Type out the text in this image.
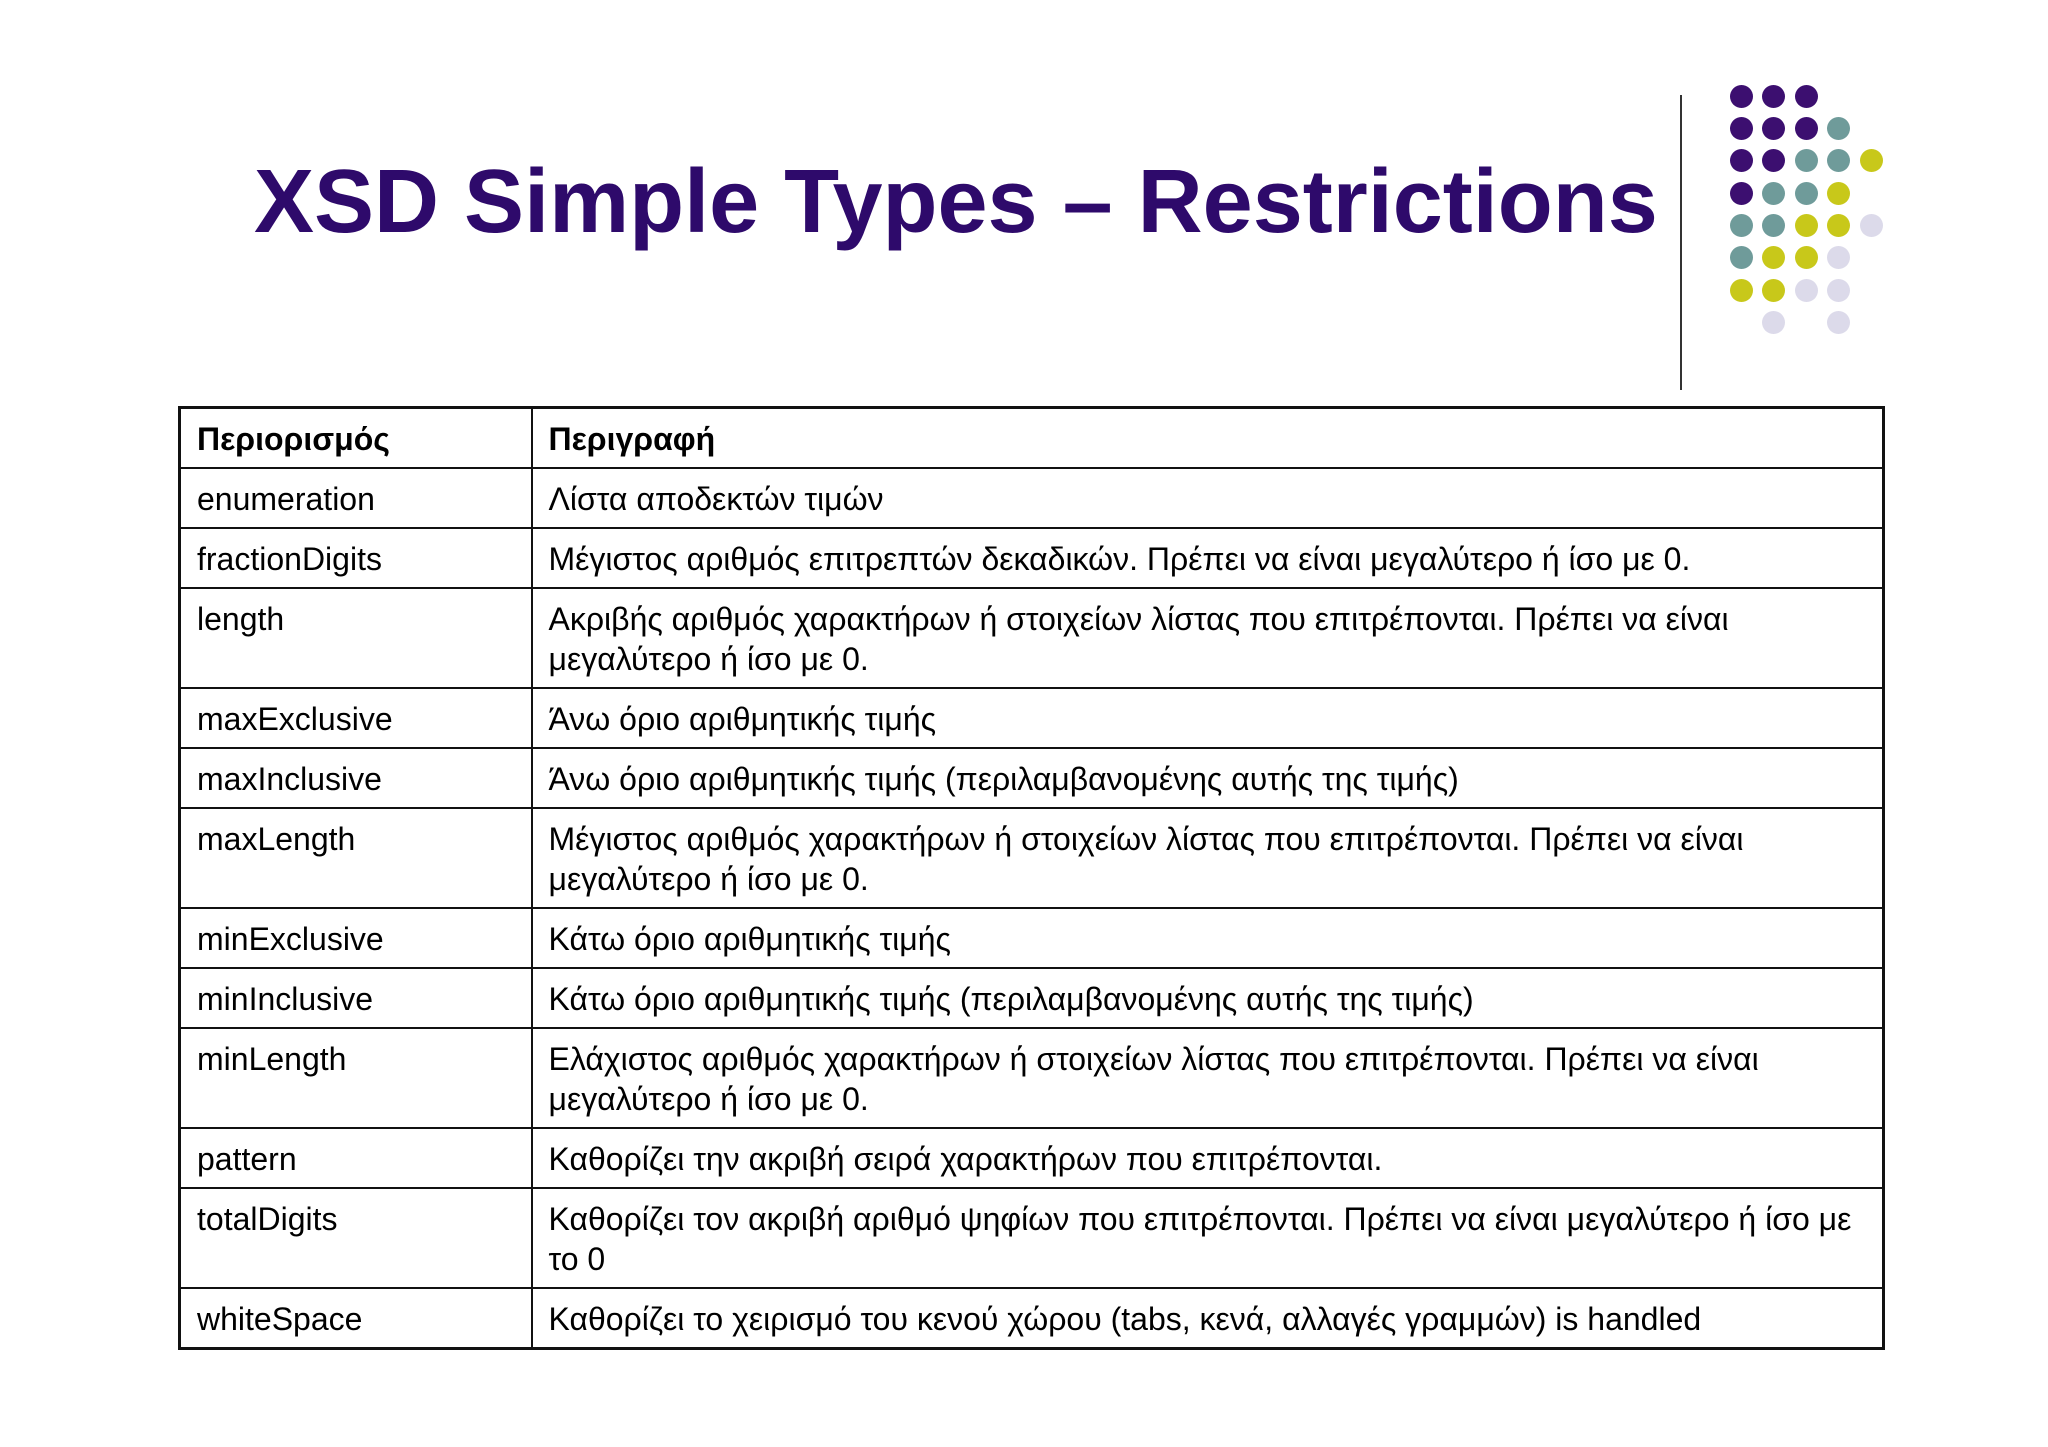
XSD Simple Types – Restrictions
Περιορισμός	Περιγραφή
enumeration	Λίστα αποδεκτών τιμών
fractionDigits	Μέγιστος αριθμός επιτρεπτών δεκαδικών. Πρέπει να είναι μεγαλύτερο ή ίσο με 0.
length	Ακριβής αριθμός χαρακτήρων ή στοιχείων λίστας που επιτρέπονται. Πρέπει να είναι μεγαλύτερο ή ίσο με 0.
maxExclusive	Άνω όριο αριθμητικής τιμής
maxInclusive	Άνω όριο αριθμητικής τιμής (περιλαμβανομένης αυτής της τιμής)
maxLength	Μέγιστος αριθμός χαρακτήρων ή στοιχείων λίστας που επιτρέπονται. Πρέπει να είναι μεγαλύτερο ή ίσο με 0.
minExclusive	Κάτω όριο αριθμητικής τιμής
minInclusive	Κάτω όριο αριθμητικής τιμής (περιλαμβανομένης αυτής της τιμής)
minLength	Ελάχιστος αριθμός χαρακτήρων ή στοιχείων λίστας που επιτρέπονται. Πρέπει να είναι μεγαλύτερο ή ίσο με 0.
pattern	Καθορίζει την ακριβή σειρά χαρακτήρων που επιτρέπονται.
totalDigits	Καθορίζει τον ακριβή αριθμό ψηφίων που επιτρέπονται. Πρέπει να είναι μεγαλύτερο ή ίσο με το 0
whiteSpace	Καθορίζει το χειρισμό του κενού χώρου (tabs, κενά, αλλαγές γραμμών) is handled
